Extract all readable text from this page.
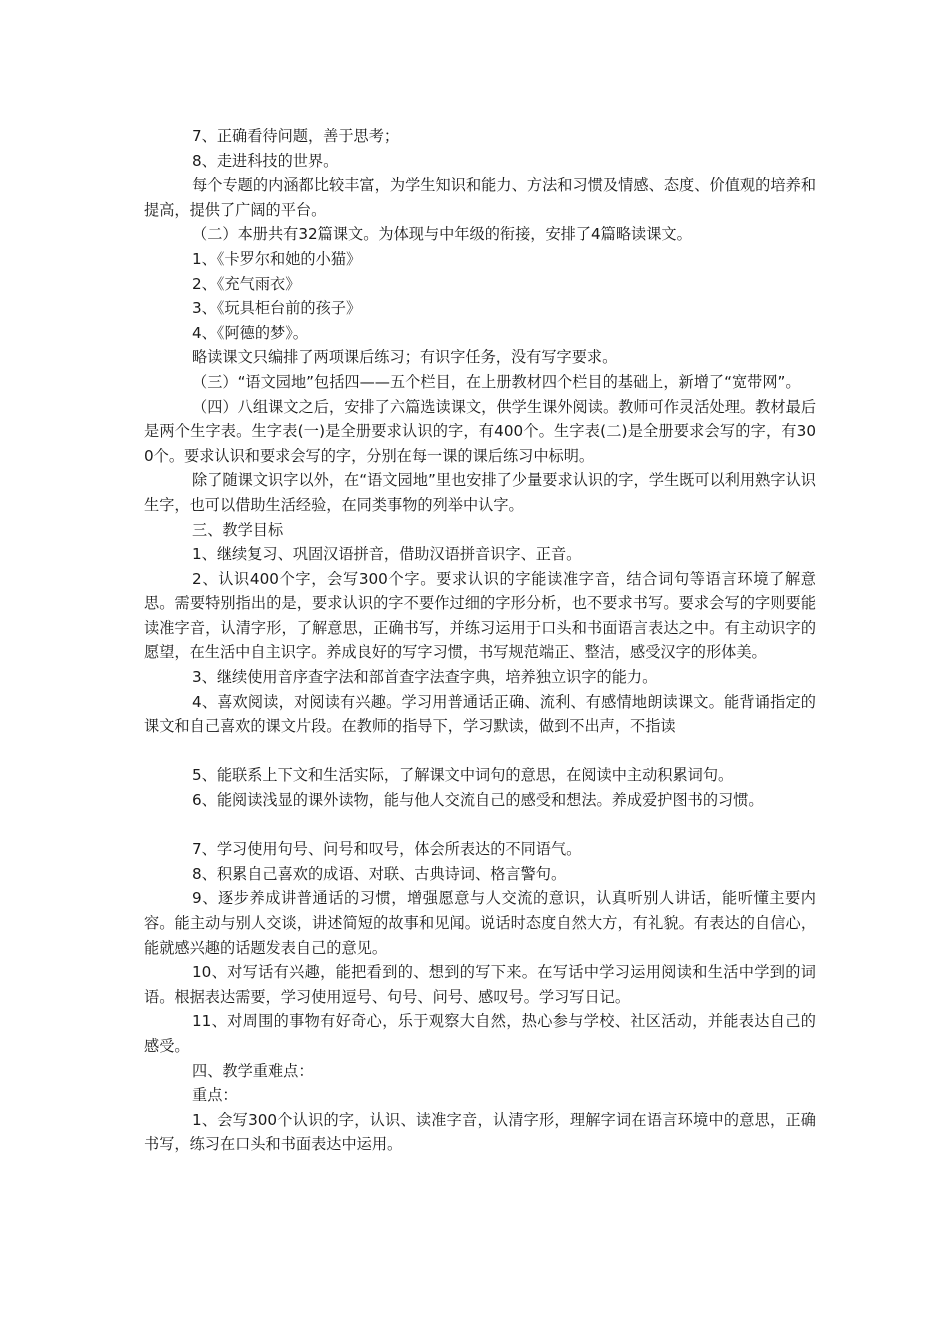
7、正确看待问题，善于思考；

8、走进科技的世界。

每个专题的内涵都比较丰富，为学生知识和能力、方法和习惯及情感、态度、价值观的培养和提高，提供了广阔的平台。

（二）本册共有32篇课文。为体现与中年级的衔接，安排了4篇略读课文。

1、《卡罗尔和她的小猫》

2、《充气雨衣》

3、《玩具柜台前的孩子》

4、《阿德的梦》。

略读课文只编排了两项课后练习；有识字任务，没有写字要求。

（三）“语文园地”包括四——五个栏目，在上册教材四个栏目的基础上，新增了“宽带网”。

（四）八组课文之后，安排了六篇选读课文，供学生课外阅读。教师可作灵活处理。教材最后是两个生字表。生字表(一)是全册要求认识的字，有400个。生字表(二)是全册要求会写的字，有300个。要求认识和要求会写的字，分别在每一课的课后练习中标明。

除了随课文识字以外，在“语文园地”里也安排了少量要求认识的字，学生既可以利用熟字认识生字，也可以借助生活经验，在同类事物的列举中认字。

三、教学目标

1、继续复习、巩固汉语拼音，借助汉语拼音识字、正音。

2、认识400个字，会写300个字。要求认识的字能读准字音，结合词句等语言环境了解意思。需要特别指出的是，要求认识的字不要作过细的字形分析，也不要求书写。要求会写的字则要能读准字音，认清字形，了解意思，正确书写，并练习运用于口头和书面语言表达之中。有主动识字的愿望，在生活中自主识字。养成良好的写字习惯，书写规范端正、整洁，感受汉字的形体美。

3、继续使用音序查字法和部首查字法查字典，培养独立识字的能力。

4、喜欢阅读，对阅读有兴趣。学习用普通话正确、流利、有感情地朗读课文。能背诵指定的课文和自己喜欢的课文片段。在教师的指导下，学习默读，做到不出声，不指读

5、能联系上下文和生活实际，了解课文中词句的意思，在阅读中主动积累词句。

6、能阅读浅显的课外读物，能与他人交流自己的感受和想法。养成爱护图书的习惯。

7、学习使用句号、问号和叹号，体会所表达的不同语气。

8、积累自己喜欢的成语、对联、古典诗词、格言警句。

9、逐步养成讲普通话的习惯，增强愿意与人交流的意识，认真听别人讲话，能听懂主要内容。能主动与别人交谈，讲述简短的故事和见闻。说话时态度自然大方，有礼貌。有表达的自信心，能就感兴趣的话题发表自己的意见。

10、对写话有兴趣，能把看到的、想到的写下来。在写话中学习运用阅读和生活中学到的词语。根据表达需要，学习使用逗号、句号、问号、感叹号。学习写日记。

11、对周围的事物有好奇心，乐于观察大自然，热心参与学校、社区活动，并能表达自己的感受。

四、教学重难点：

重点：

1、会写300个认识的字，认识、读准字音，认清字形，理解字词在语言环境中的意思，正确书写，练习在口头和书面表达中运用。
